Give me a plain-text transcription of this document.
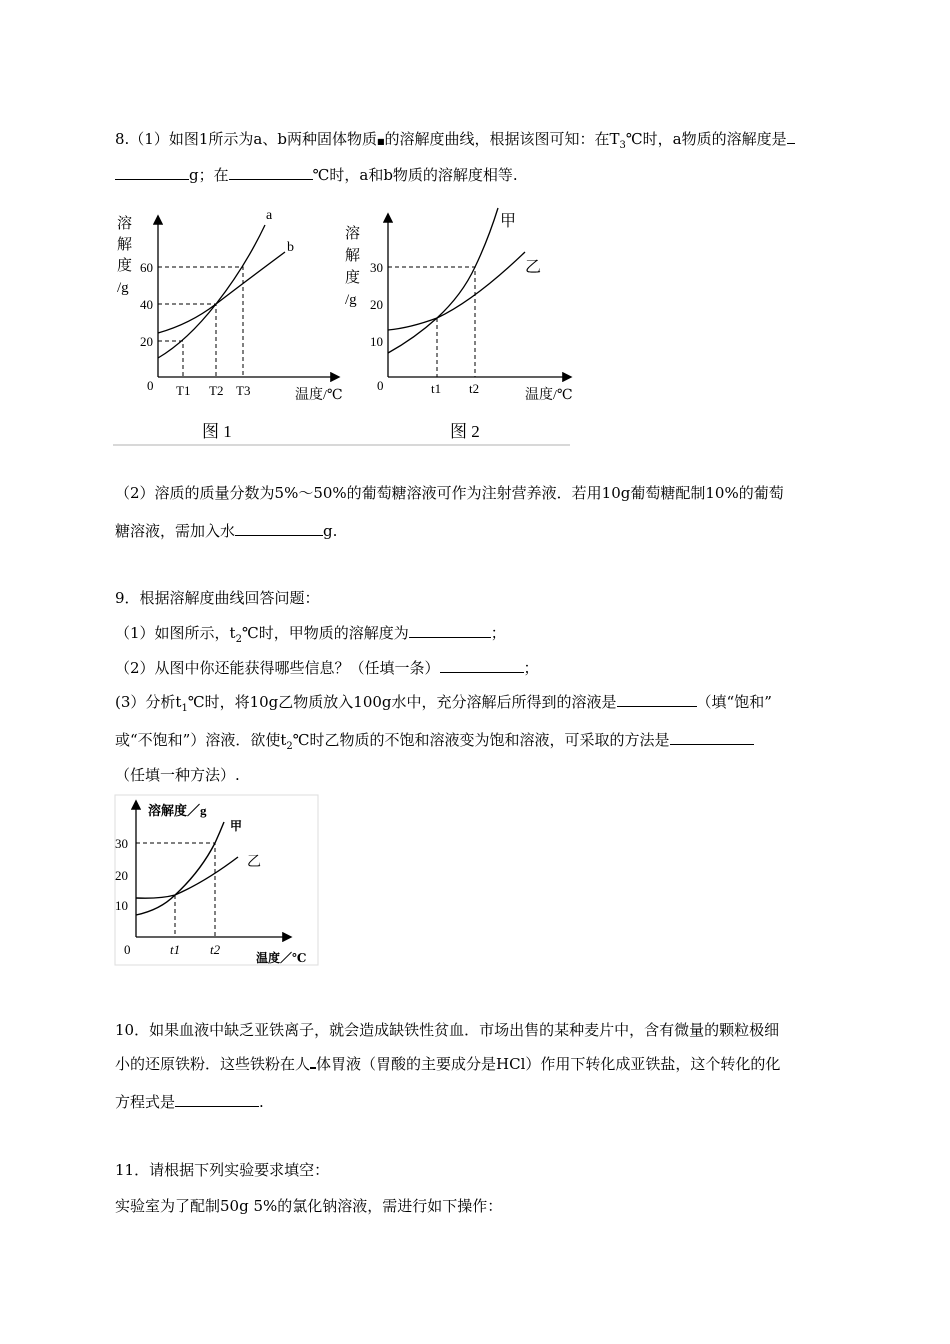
8.（1）如图1所示为a、b两种固体物质■的溶解度曲线，根据该图可知：在$T_3℃$时，a物质的溶解度是
g；在	℃时，a和b物质的溶解度相等.
溶
解
度
/g
60
40
20
0 T1 T2 T3	温度/℃
a
b
图 1
溶
解
度
/g
30
20
10
0	t1 t2	温度/℃
甲
乙
图 2
（2）溶质的质量分数为5%～50%的葡萄糖溶液可作为注射营养液．若用10g葡萄糖配制10%的葡萄
糖溶液，需加入水	g.
9．根据溶解度曲线回答问题：
（1）如图所示，$t_2℃$时，甲物质的溶解度为	；
（2）从图中你还能获得哪些信息？（任填一条）	；
(3）分析$t_1℃$时，将10g乙物质放入100g水中，充分溶解后所得到的溶液是	（填“饱和”
或“不饱和”）溶液．欲使$t_2℃$时乙物质的不饱和溶液变为饱和溶液，可采取的方法是
（任填一种方法）.
溶解度／g
30
20
10
0	t1 t2
温度／℃
甲
乙
10．如果血液中缺乏亚铁离子，就会造成缺铁性贫血．市场出售的某种麦片中，含有微量的颗粒极细
小的还原铁粉．这些铁粉在人 体胃液（胃酸的主要成分是HCl）作用下转化成亚铁盐，这个转化的化
方程式是	.
11．请根据下列实验要求填空：
实验室为了配制50g 5%的氯化钠溶液，需进行如下操作：
